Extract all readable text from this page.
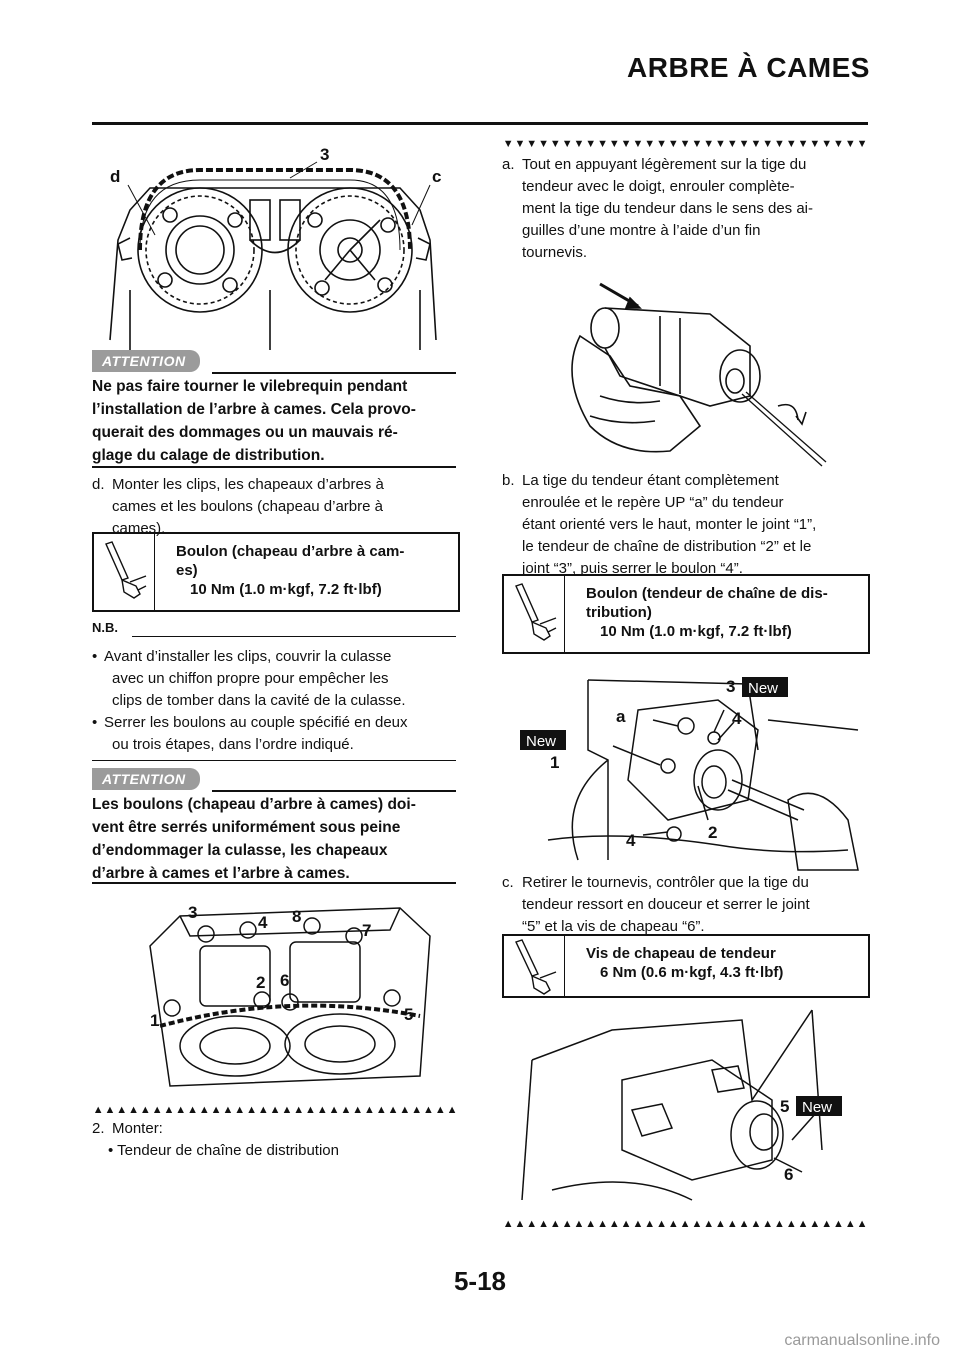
ARBRE À CAMES
d	c
3
ATTENTION
Ne pas faire tourner le vilebrequin pendant
l’installation de l’arbre à cames. Cela provo-
querait des dommages ou un mauvais ré-
glage du calage de distribution.
d. Monter les clips, les chapeaux d’arbres à
cames et les boulons (chapeau d’arbre à
cames).
Boulon (chapeau d’arbre à cam-
es)
10 Nm (1.0 m·kgf, 7.2 ft·lbf)
N.B.
• Avant d’installer les clips, couvrir la culasse
avec un chiffon propre pour empêcher les
clips de tomber dans la cavité de la culasse.
• Serrer les boulons au couple spécifié en deux
ou trois étapes, dans l’ordre indiqué.
ATTENTION
Les boulons (chapeau d’arbre à cames) doi-
vent être serrés uniformément sous peine
d’endommager la culasse, les chapeaux
d’arbre à cames et l’arbre à cames.
3
4 8
7
2 6
1	5
▲▲▲▲▲▲▲▲▲▲▲▲▲▲▲▲▲▲▲▲▲▲▲▲▲▲▲▲▲▲▲
2. Monter:
• Tendeur de chaîne de distribution
▼▼▼▼▼▼▼▼▼▼▼▼▼▼▼▼▼▼▼▼▼▼▼▼▼▼▼▼▼▼▼
a. Tout en appuyant légèrement sur la tige du
tendeur avec le doigt, enrouler complète-
ment la tige du tendeur dans le sens des ai-
guilles d’une montre à l’aide d’un fin
tournevis.
b. La tige du tendeur étant complètement
enroulée et le repère UP “a” du tendeur
étant orienté vers le haut, monter le joint “1”,
le tendeur de chaîne de distribution “2” et le
joint “3”, puis serrer le boulon “4”.
Boulon (tendeur de chaîne de dis-
tribution)
10 Nm (1.0 m·kgf, 7.2 ft·lbf)
3 New
a	4
New
1
4	2
c. Retirer le tournevis, contrôler que la tige du
tendeur ressort en douceur et serrer le joint
“5” et la vis de chapeau “6”.
Vis de chapeau de tendeur
6 Nm (0.6 m·kgf, 4.3 ft·lbf)
5 New
6
▲▲▲▲▲▲▲▲▲▲▲▲▲▲▲▲▲▲▲▲▲▲▲▲▲▲▲▲▲▲▲
5-18
carmanualsonline.info
